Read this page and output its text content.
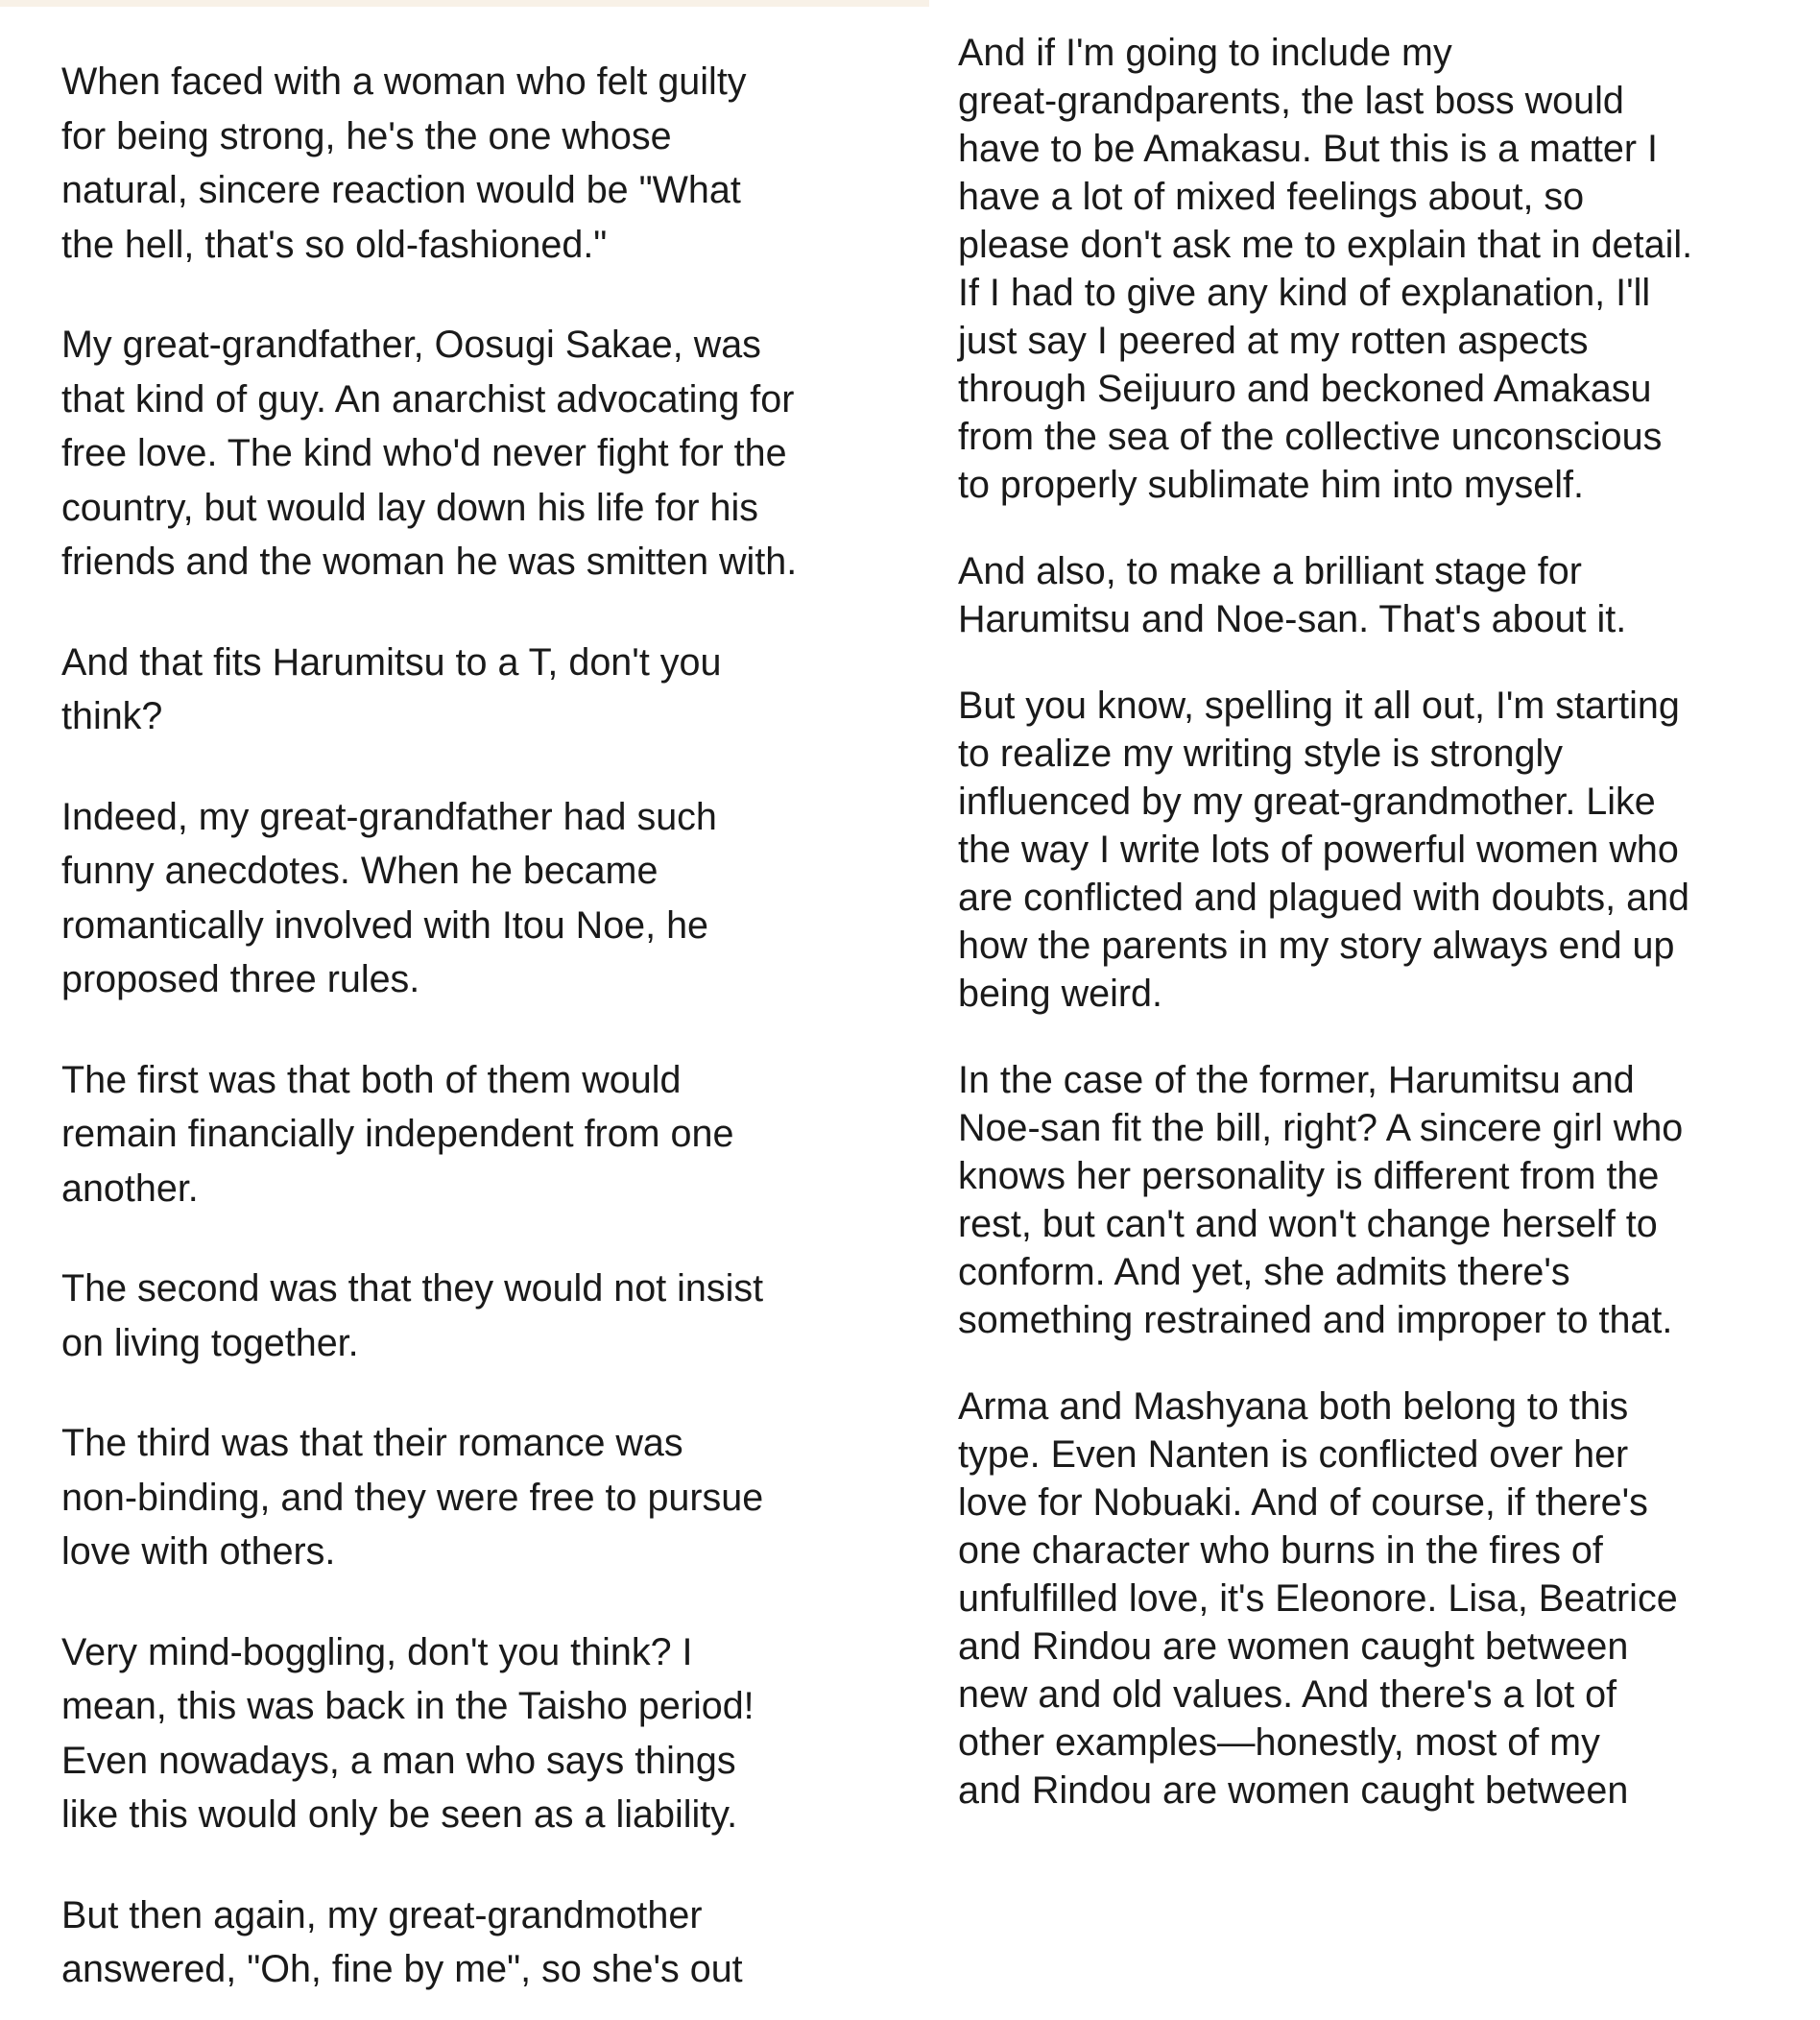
When faced with a woman who felt guilty
for being strong, he's the one whose
natural, sincere reaction would be "What
the hell, that's so old-fashioned."
My great-grandfather, Oosugi Sakae, was
that kind of guy. An anarchist advocating for
free love. The kind who'd never fight for the
country, but would lay down his life for his
friends and the woman he was smitten with.
And that fits Harumitsu to a T, don't you
think?
Indeed, my great-grandfather had such
funny anecdotes. When he became
romantically involved with Itou Noe, he
proposed three rules.
The first was that both of them would
remain financially independent from one
another.
The second was that they would not insist
on living together.
The third was that their romance was
non-binding, and they were free to pursue
love with others.
Very mind-boggling, don't you think? I
mean, this was back in the Taisho period!
Even nowadays, a man who says things
like this would only be seen as a liability.
But then again, my great-grandmother
answered, "Oh, fine by me", so she's out
And if I'm going to include my
great-grandparents, the last boss would
have to be Amakasu. But this is a matter I
have a lot of mixed feelings about, so
please don't ask me to explain that in detail.
If I had to give any kind of explanation, I'll
just say I peered at my rotten aspects
through Seijuuro and beckoned Amakasu
from the sea of the collective unconscious
to properly sublimate him into myself.
And also, to make a brilliant stage for
Harumitsu and Noe-san. That's about it.
But you know, spelling it all out, I'm starting
to realize my writing style is strongly
influenced by my great-grandmother. Like
the way I write lots of powerful women who
are conflicted and plagued with doubts, and
how the parents in my story always end up
being weird.
In the case of the former, Harumitsu and
Noe-san fit the bill, right? A sincere girl who
knows her personality is different from the
rest, but can't and won't change herself to
conform. And yet, she admits there's
something restrained and improper to that.
Arma and Mashyana both belong to this
type. Even Nanten is conflicted over her
love for Nobuaki. And of course, if there's
one character who burns in the fires of
unfulfilled love, it's Eleonore. Lisa, Beatrice
and Rindou are women caught between
new and old values. And there's a lot of
other examples—honestly, most of my
and Rindou are women caught between
